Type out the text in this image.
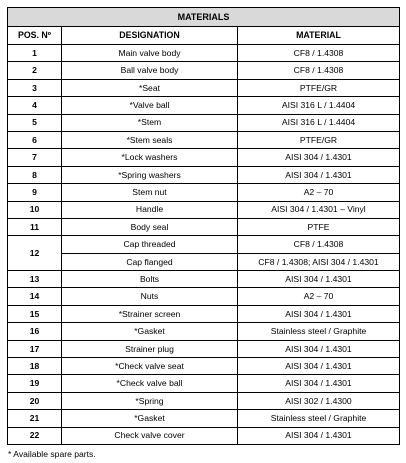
MATERIALS		
POS. Nº	DESIGNATION	MATERIAL
1	Main valve body	CF8 / 1.4308
2	Ball valve body	CF8 / 1.4308
3	*Seat	PTFE/GR
4	*Valve ball	AISI 316 L / 1.4404
5	*Stem	AISI 316 L / 1.4404
6	*Stem seals	PTFE/GR
7	*Lock washers	AISI 304 / 1.4301
8	*Spring washers	AISI 304 / 1.4301
9	Stem nut	A2 – 70
10	Handle	AISI 304 / 1.4301 – Vinyl
11	Body seal	PTFE
12	Cap threaded	CF8 / 1.4308
	Cap flanged	CF8 / 1.4308; AISI 304 / 1.4301
13	Bolts	AISI 304 / 1.4301
14	Nuts	A2 – 70
15	*Strainer screen	AISI 304 / 1.4301
16	*Gasket	Stainless steel / Graphite
17	Strainer plug	AISI 304 / 1.4301
18	*Check valve seat	AISI 304 / 1.4301
19	*Check valve ball	AISI 304 / 1.4301
20	*Spring	AISI 302 / 1.4300
21	*Gasket	Stainless steel / Graphite
22	Check valve cover	AISI 304 / 1.4301
* Available spare parts.
